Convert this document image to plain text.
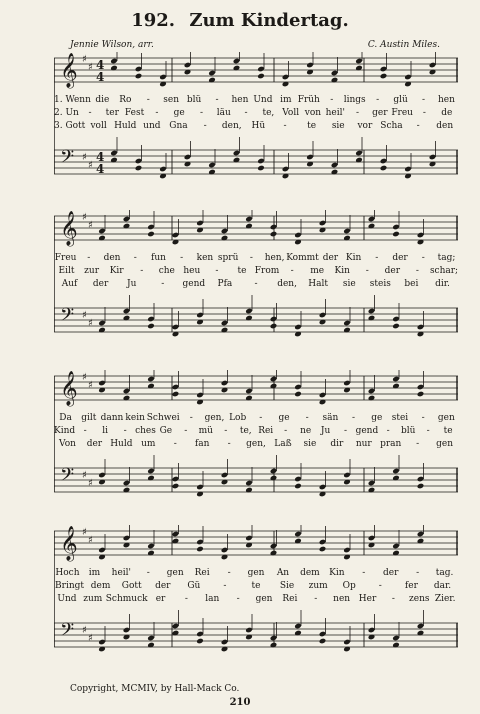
192. Zum Kindertag.
Jennie Wilson, arr.	C. Austin Miles.
𝄞 ♯
♯ 4
4
𝄢 ♯
♯
4
4
1. Wenn die	Ro	-	sen blü	-	hen Und im Früh	-	lings	-	glü	-	hen
2. Un	-	ter Fest	-	ge	-	läu	-	te, Voll von heil'	-	ger Freu	-	de
3. Gott voll Huld und Gna	-	den,	Hü	-	te	sie	vor Scha	-	den
𝄞 ♯
♯
𝄢 ♯
♯
Freu	-	den	-	fun	-	ken sprü	-	hen, Kommt der Kin	-	der	-	tag;
Eilt	zur	Kir	-	che heu	-	te From	-	me	Kin	-	der	-	schar;
Auf	der	Ju	-	gend	Pfa	-	den,	Halt	sie	steis	bei	dir.
𝄞 ♯
♯
𝄢 ♯
♯
Da	gilt dann kein Schwei	-	gen, Lob	-	ge	-	sän	-	ge	stei	-	gen
Kind -	li	- ches Ge	-	mü	-	te, Rei	-	ne	Ju	- gend -	blü	-	te
Von	der Huld um	-	fan	-	gen, Laß	sie	dir	nur pran	-	gen
𝄞 ♯
♯
𝄢 ♯
♯
Hoch	im	heil'	-	gen	Rei	-	gen	An	dem	Kin	-	der	-	tag.
Bringt dem	Gott	der	Gü	-	te	Sie	zum	Op	-	fer	dar.
Und zum Schmuck er	-	lan	-	gen	Rei	-	nen Her	-	zens Zier.
Copyright, MCMIV, by Hall-Mack Co.
210
